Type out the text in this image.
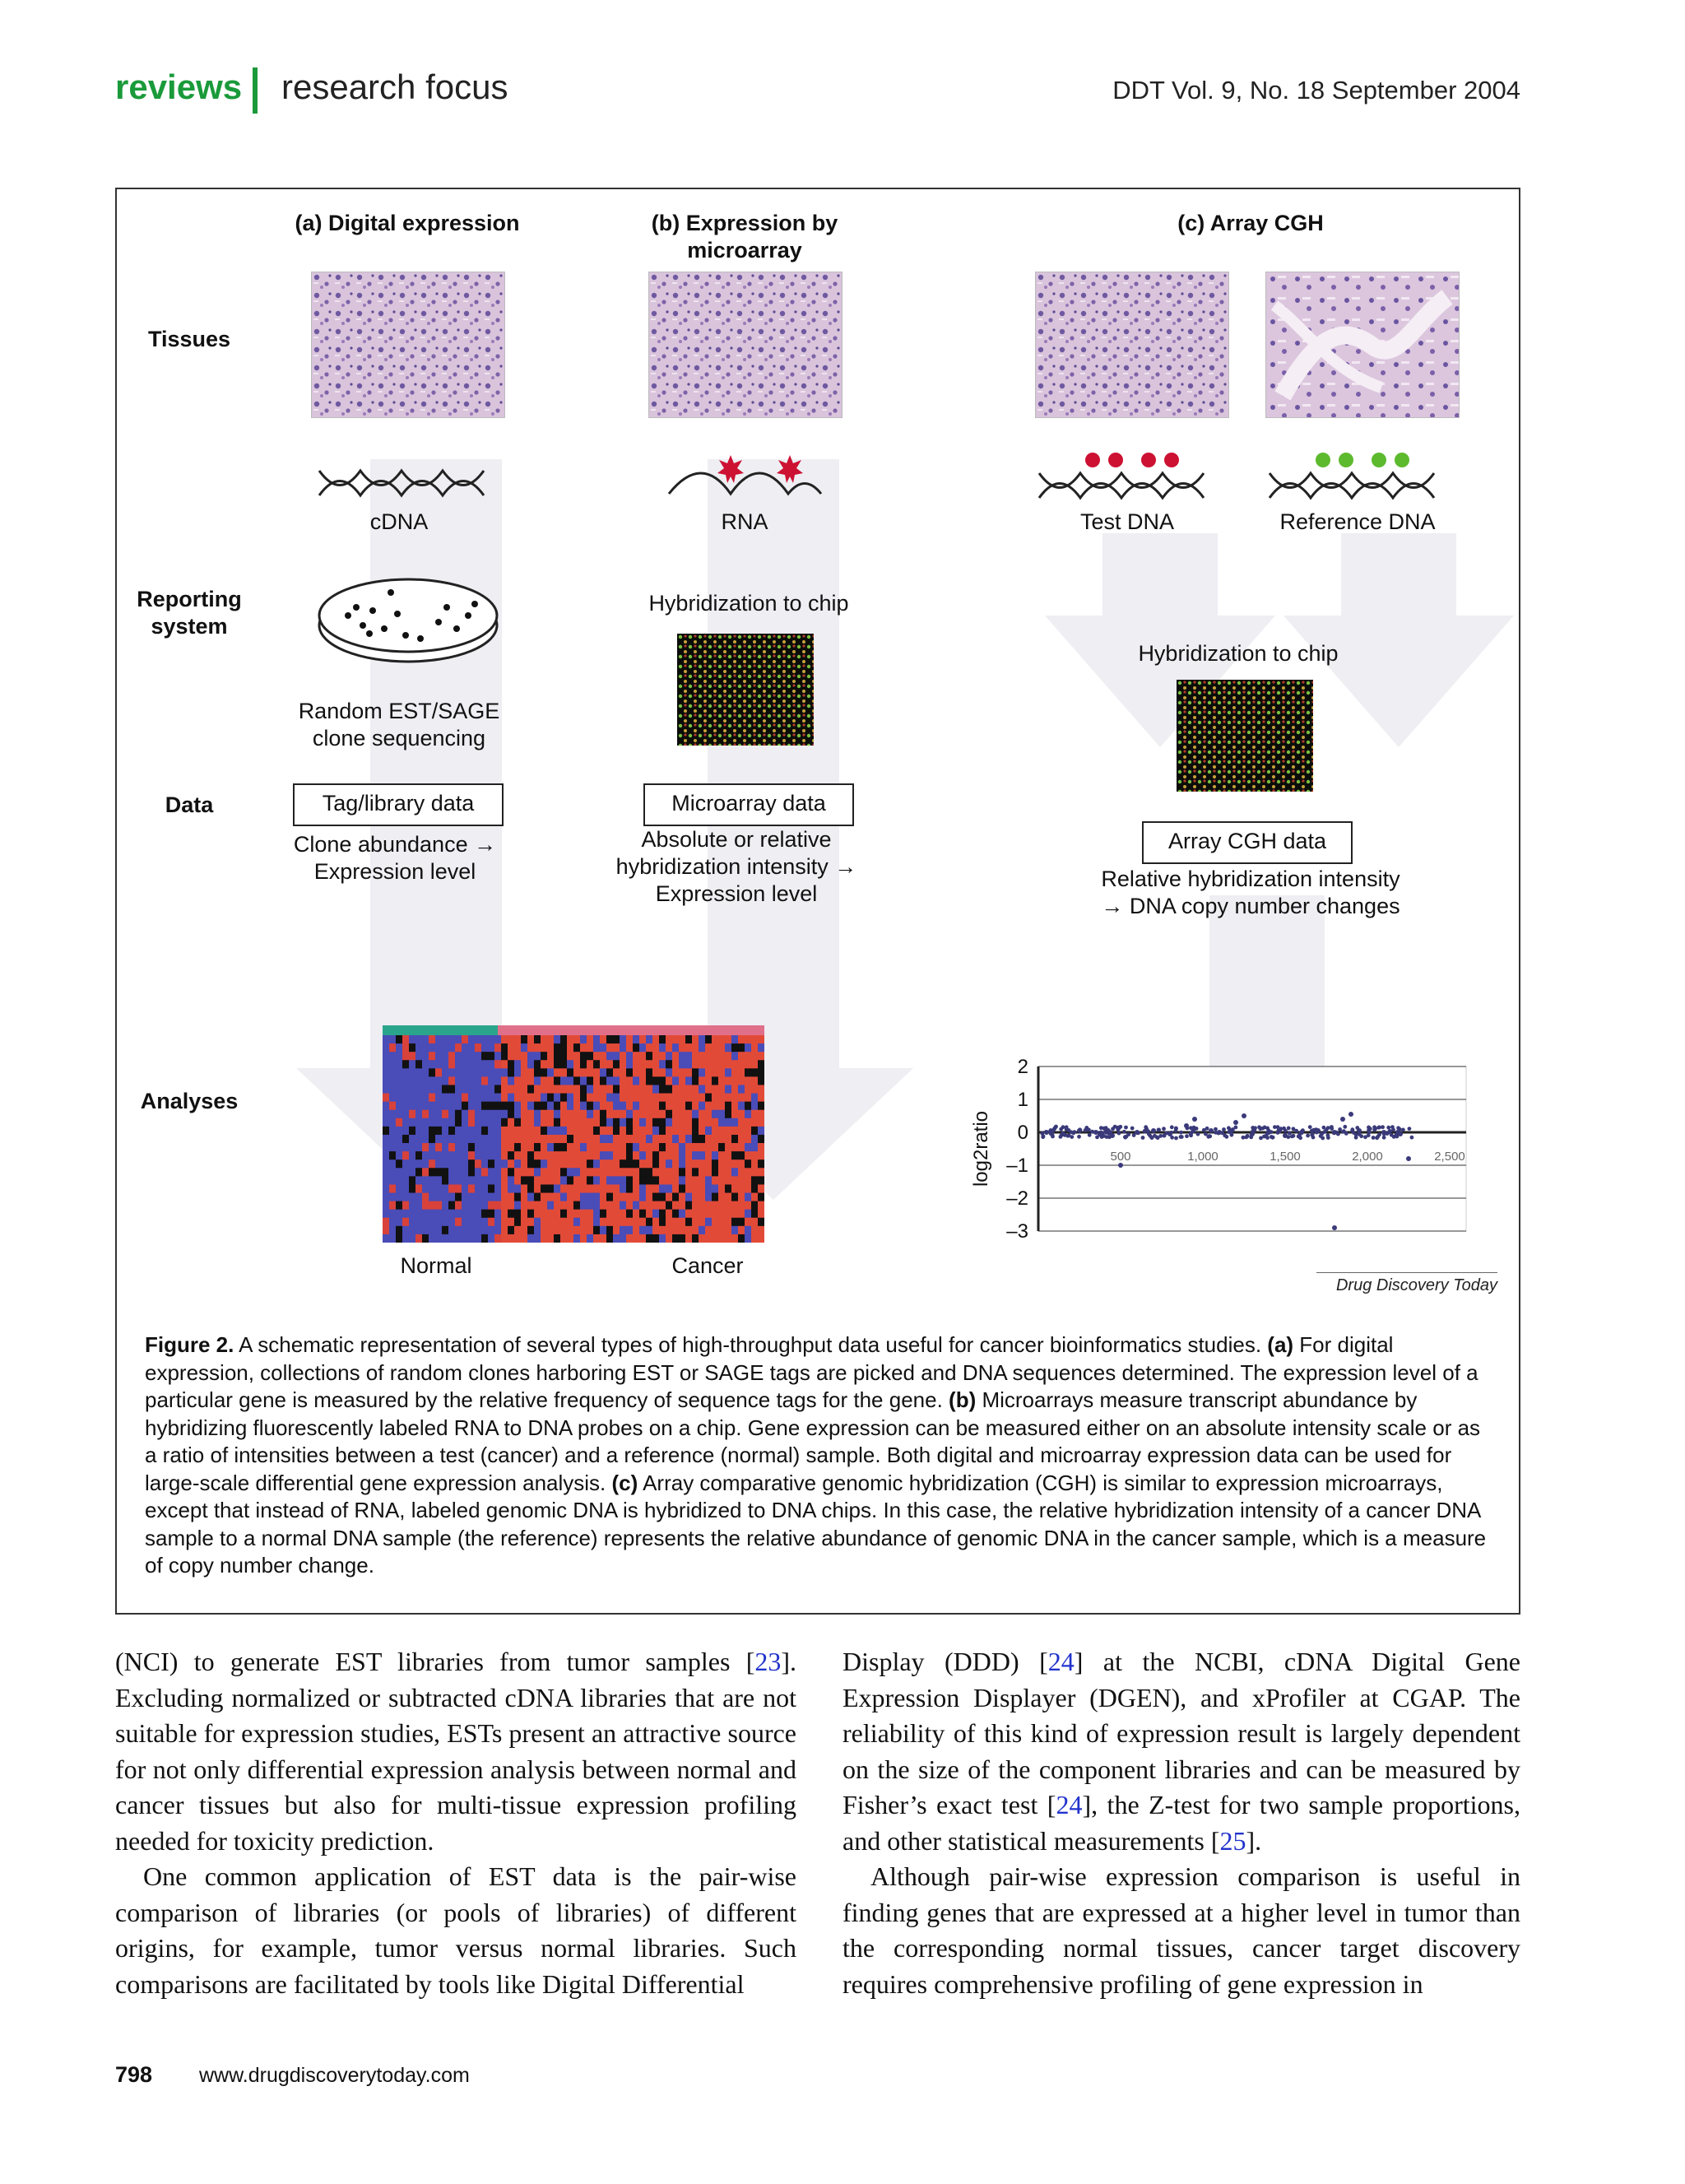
reviews research focus	DDT Vol. 9, No. 18 September 2004
(a) Digital expression	(b) Expression by microarray
(c) Array CGH
Tissues
Reporting system
Data
Analyses
cDNA	RNA	Test DNA	Reference DNA
Hybridization to chip
Hybridization to chip
Random EST/SAGE clone sequencing
Tag/library data	Microarray data
Array CGH data
Clone abundance → Expression level
Absolute or relative hybridization intensity → Expression level
Relative hybridization intensity → DNA copy number changes
Normal	Cancer
2
1
0
–1
–2
–3
500	1,000	1,500	2,000	2,500
log2ratio
Drug Discovery Today
Figure 2. A schematic representation of several types of high-throughput data useful for cancer bioinformatics studies. (a) For digital expression, collections of random clones harboring EST or SAGE tags are picked and DNA sequences determined. The expression level of a particular gene is measured by the relative frequency of sequence tags for the gene. (b) Microarrays measure transcript abundance by hybridizing fluorescently labeled RNA to DNA probes on a chip. Gene expression can be measured either on an absolute intensity scale or as a ratio of intensities between a test (cancer) and a reference (normal) sample. Both digital and microarray expression data can be used for large-scale differential gene expression analysis. (c) Array comparative genomic hybridization (CGH) is similar to expression microarrays, except that instead of RNA, labeled genomic DNA is hybridized to DNA chips. In this case, the relative hybridization intensity of a cancer DNA sample to a normal DNA sample (the reference) represents the relative abundance of genomic DNA in the cancer sample, which is a measure of copy number change.

(NCI) to generate EST libraries from tumor samples [23]. Excluding normalized or subtracted cDNA libraries that are not suitable for expression studies, ESTs present an attractive source for not only differential expression analysis between normal and cancer tissues but also for multi-tissue expression profiling needed for toxicity prediction.

One common application of EST data is the pair-wise comparison of libraries (or pools of libraries) of different origins, for example, tumor versus normal libraries. Such comparisons are facilitated by tools like Digital Differential

Display (DDD) [24] at the NCBI, cDNA Digital Gene Expression Displayer (DGEN), and xProfiler at CGAP. The reliability of this kind of expression result is largely dependent on the size of the component libraries and can be measured by Fisher’s exact test [24], the Z-test for two sample proportions, and other statistical measurements [25].

Although pair-wise expression comparison is useful in finding genes that are expressed at a higher level in tumor than the corresponding normal tissues, cancer target discovery requires comprehensive profiling of gene expression in

798 www.drugdiscoverytoday.com
